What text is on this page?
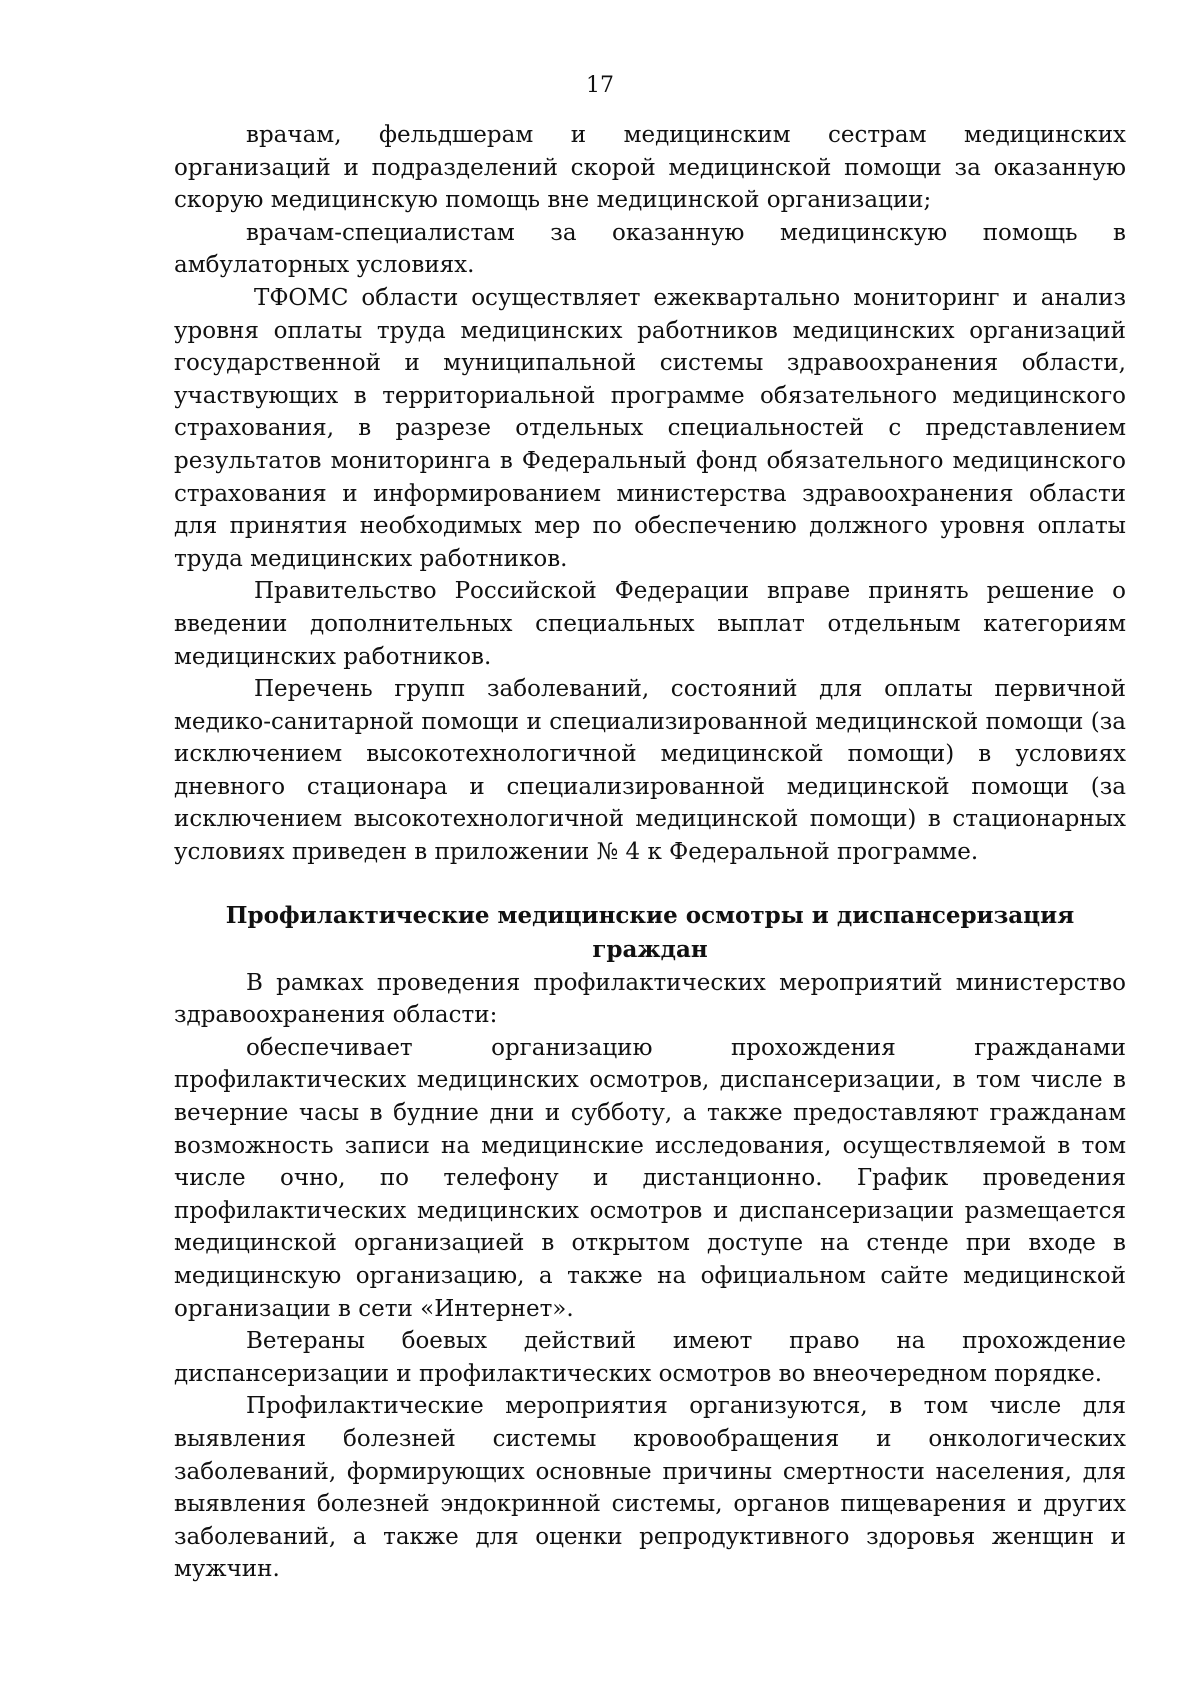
17

врачам, фельдшерам и медицинским сестрам медицинских организаций и подразделений скорой медицинской помощи за оказанную скорую медицинскую помощь вне медицинской организации;

врачам-специалистам за оказанную медицинскую помощь в амбулаторных условиях.

ТФОМС области осуществляет ежеквартально мониторинг и анализ уровня оплаты труда медицинских работников медицинских организаций государственной и муниципальной системы здравоохранения области, участвующих в территориальной программе обязательного медицинского страхования, в разрезе отдельных специальностей с представлением результатов мониторинга в Федеральный фонд обязательного медицинского страхования и информированием министерства здравоохранения области для принятия необходимых мер по обеспечению должного уровня оплаты труда медицинских работников.

Правительство Российской Федерации вправе принять решение о введении дополнительных специальных выплат отдельным категориям медицинских работников.

Перечень групп заболеваний, состояний для оплаты первичной медико-санитарной помощи и специализированной медицинской помощи (за исключением высокотехнологичной медицинской помощи) в условиях дневного стационара и специализированной медицинской помощи (за исключением высокотехнологичной медицинской помощи) в стационарных условиях приведен в приложении № 4 к Федеральной программе.

Профилактические медицинские осмотры и диспансеризация граждан

В рамках проведения профилактических мероприятий министерство здравоохранения области:

обеспечивает организацию прохождения гражданами профилактических медицинских осмотров, диспансеризации, в том числе в вечерние часы в будние дни и субботу, а также предоставляют гражданам возможность записи на медицинские исследования, осуществляемой в том числе очно, по телефону и дистанционно. График проведения профилактических медицинских осмотров и диспансеризации размещается медицинской организацией в открытом доступе на стенде при входе в медицинскую организацию, а также на официальном сайте медицинской организации в сети «Интернет».

Ветераны боевых действий имеют право на прохождение диспансеризации и профилактических осмотров во внеочередном порядке.

Профилактические мероприятия организуются, в том числе для выявления болезней системы кровообращения и онкологических заболеваний, формирующих основные причины смертности населения, для выявления болезней эндокринной системы, органов пищеварения и других заболеваний, а также для оценки репродуктивного здоровья женщин и мужчин.
